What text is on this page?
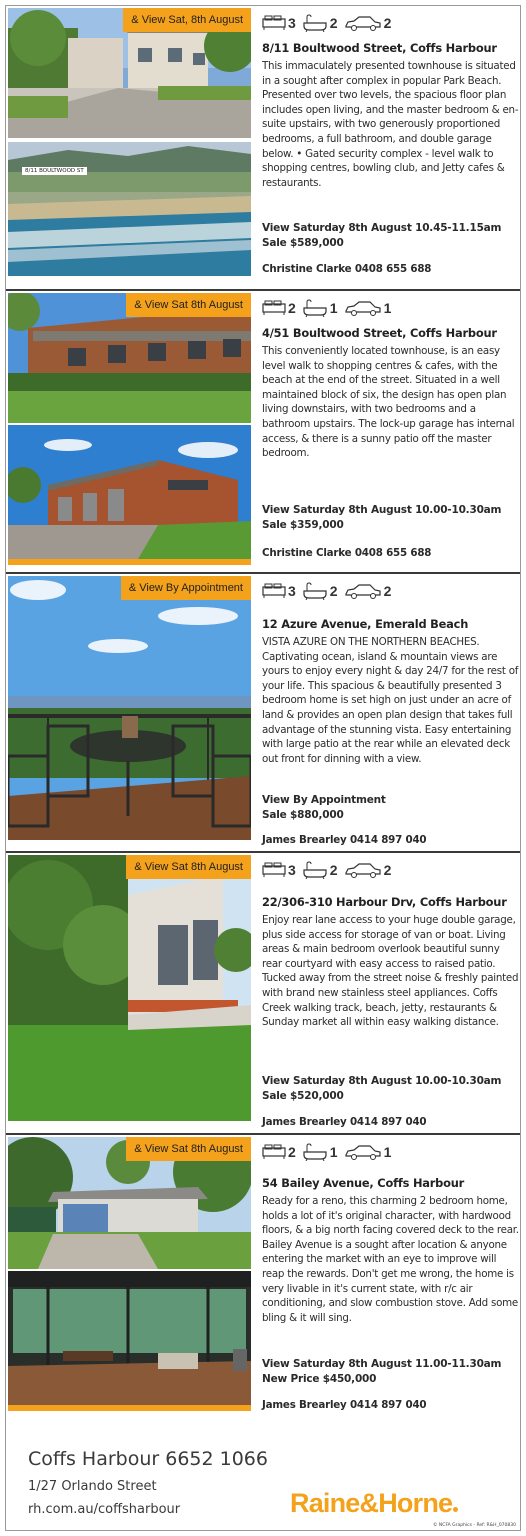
& View Sat, 8th August
8/11 BOULTWOOD ST
3 2	2
8/11 Boultwood Street, Coffs Harbour
This immaculately presented townhouse is situated in a sought after complex in popular Park Beach. Presented over two levels, the spacious floor plan includes open living, and the master bedroom & en-suite upstairs, with two generously proportioned bedrooms, a full bathroom, and double garage below. • Gated security complex - level walk to shopping centres, bowling club, and Jetty cafes & restaurants.
View Saturday 8th August 10.45-11.15am
Sale $589,000
Christine Clarke 0408 655 688
& View Sat 8th August	2 1	1
4/51 Boultwood Street, Coffs Harbour
This conveniently located townhouse, is an easy level walk to shopping centres & cafes, with the beach at the end of the street. Situated in a well maintained block of six, the design has open plan living downstairs, with two bedrooms and a bathroom upstairs. The lock-up garage has internal access, & there is a sunny patio off the master bedroom.
View Saturday 8th August 10.00-10.30am
Sale $359,000
Christine Clarke 0408 655 688
& View By Appointment	3 2	2
12 Azure Avenue, Emerald Beach
VISTA AZURE ON THE NORTHERN BEACHES. Captivating ocean, island & mountain views are yours to enjoy every night & day 24/7 for the rest of your life. This spacious & beautifully presented 3 bedroom home is set high on just under an acre of land & provides an open plan design that takes full advantage of the stunning vista. Easy entertaining with large patio at the rear while an elevated deck out front for dinning with a view.
View By Appointment
Sale $880,000
James Brearley 0414 897 040
& View Sat 8th August	3 2	2
22/306-310 Harbour Drv, Coffs Harbour
Enjoy rear lane access to your huge double garage, plus side access for storage of van or boat. Living areas & main bedroom overlook beautiful sunny rear courtyard with easy access to raised patio. Tucked away from the street noise & freshly painted with brand new stainless steel appliances. Coffs Creek walking track, beach, jetty, restaurants & Sunday market all within easy walking distance.
View Saturday 8th August 10.00-10.30am
Sale $520,000
James Brearley 0414 897 040
& View Sat 8th August	2 1	1
54 Bailey Avenue, Coffs Harbour
Ready for a reno, this charming 2 bedroom home, holds a lot of it's original character, with hardwood floors, & a big north facing covered deck to the rear. Bailey Avenue is a sought after location & anyone entering the market with an eye to improve will reap the rewards. Don't get me wrong, the home is very livable in it's current state, with r/c air conditioning, and slow combustion stove. Add some bling & it will sing.
View Saturday 8th August 11.00-11.30am
New Price $450,000
James Brearley 0414 897 040
Coffs Harbour 6652 1066
1/27 Orlando Street
rh.com.au/coffsharbour	Raine&Horne
© NCFA Graphics - Ref: R&H_070830
